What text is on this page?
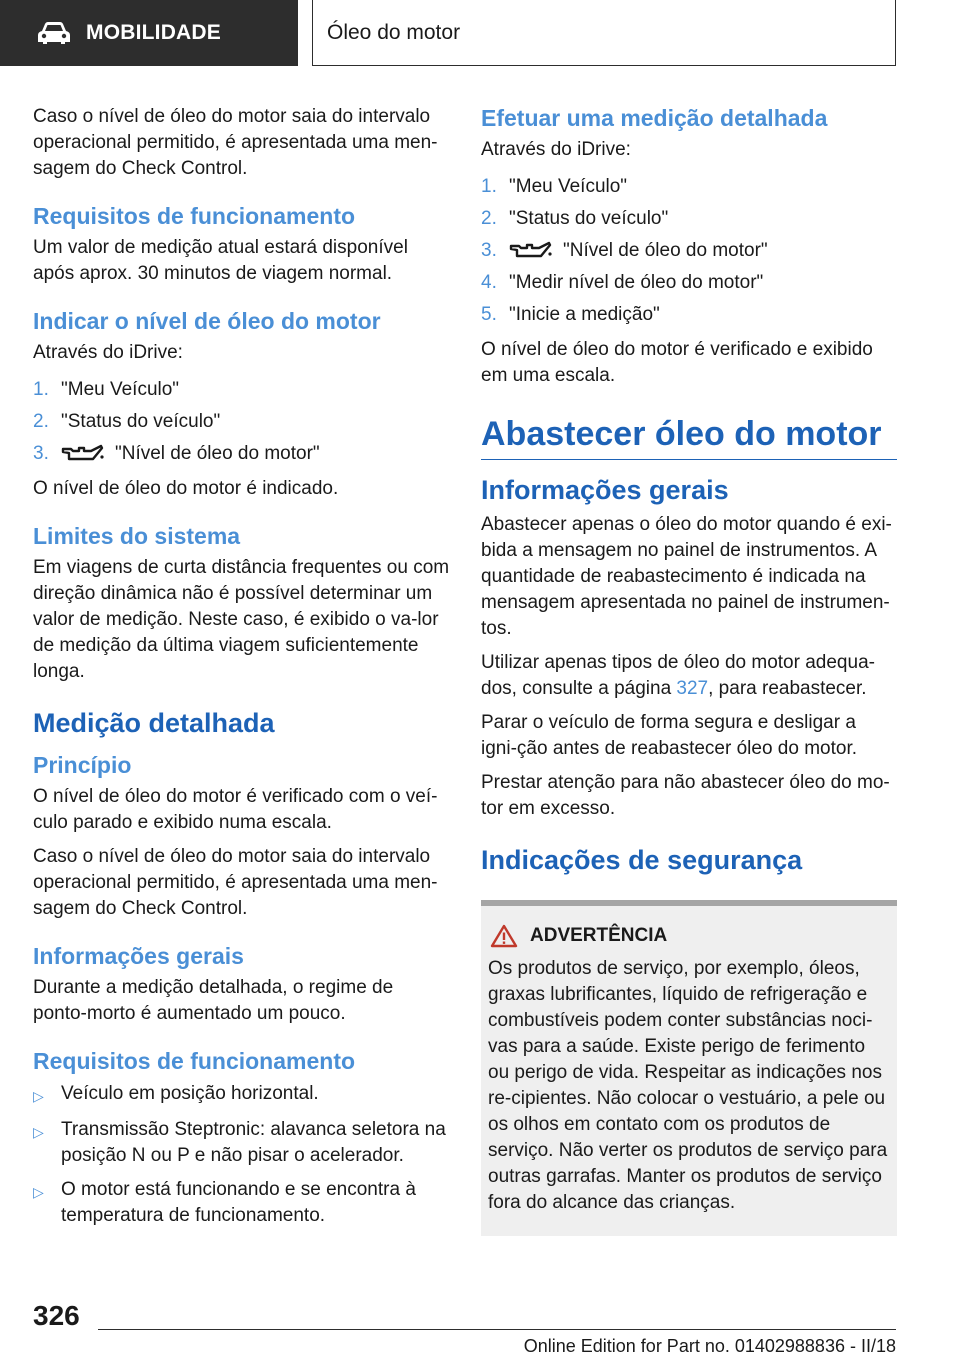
MOBILIDADE	Óleo do motor

Caso o nível de óleo do motor saia do intervalo operacional permitido, é apresentada uma men-sagem do Check Control.

Requisitos de funcionamento

Um valor de medição atual estará disponível após aprox. 30 minutos de viagem normal.

Indicar o nível de óleo do motor

Através do iDrive:

1. "Meu Veículo"
2. "Status do veículo"
3.	"Nível de óleo do motor"

O nível de óleo do motor é indicado.

Limites do sistema

Em viagens de curta distância frequentes ou com direção dinâmica não é possível determinar um valor de medição. Neste caso, é exibido o va-lor de medição da última viagem suficientemente longa.

Medição detalhada
Princípio

O nível de óleo do motor é verificado com o veí-culo parado e exibido numa escala.

Caso o nível de óleo do motor saia do intervalo operacional permitido, é apresentada uma men-sagem do Check Control.

Informações gerais

Durante a medição detalhada, o regime de ponto-morto é aumentado um pouco.

Requisitos de funcionamento
▷ Veículo em posição horizontal.
▷ Transmissão Steptronic: alavanca seletora na posição N ou P e não pisar o acelerador.
▷ O motor está funcionando e se encontra à temperatura de funcionamento.
Efetuar uma medição detalhada

Através do iDrive:

1. "Meu Veículo"
2. "Status do veículo"
3.	"Nível de óleo do motor"
4. "Medir nível de óleo do motor"
5. "Inicie a medição"

O nível de óleo do motor é verificado e exibido em uma escala.

Abastecer óleo do motor
Informações gerais

Abastecer apenas o óleo do motor quando é exi-bida a mensagem no painel de instrumentos. A quantidade de reabastecimento é indicada na mensagem apresentada no painel de instrumen-tos.

Utilizar apenas tipos de óleo do motor adequa-dos, consulte a página 327, para reabastecer.

Parar o veículo de forma segura e desligar a igni-ção antes de reabastecer óleo do motor.

Prestar atenção para não abastecer óleo do mo-tor em excesso.

Indicações de segurança
ADVERTÊNCIA

Os produtos de serviço, por exemplo, óleos, graxas lubrificantes, líquido de refrigeração e combustíveis podem conter substâncias noci-vas para a saúde. Existe perigo de ferimento ou perigo de vida. Respeitar as indicações nos re-cipientes. Não colocar o vestuário, a pele ou os olhos em contato com os produtos de serviço. Não verter os produtos de serviço para outras garrafas. Manter os produtos de serviço fora do alcance das crianças.

326
Online Edition for Part no. 01402988836 - II/18
